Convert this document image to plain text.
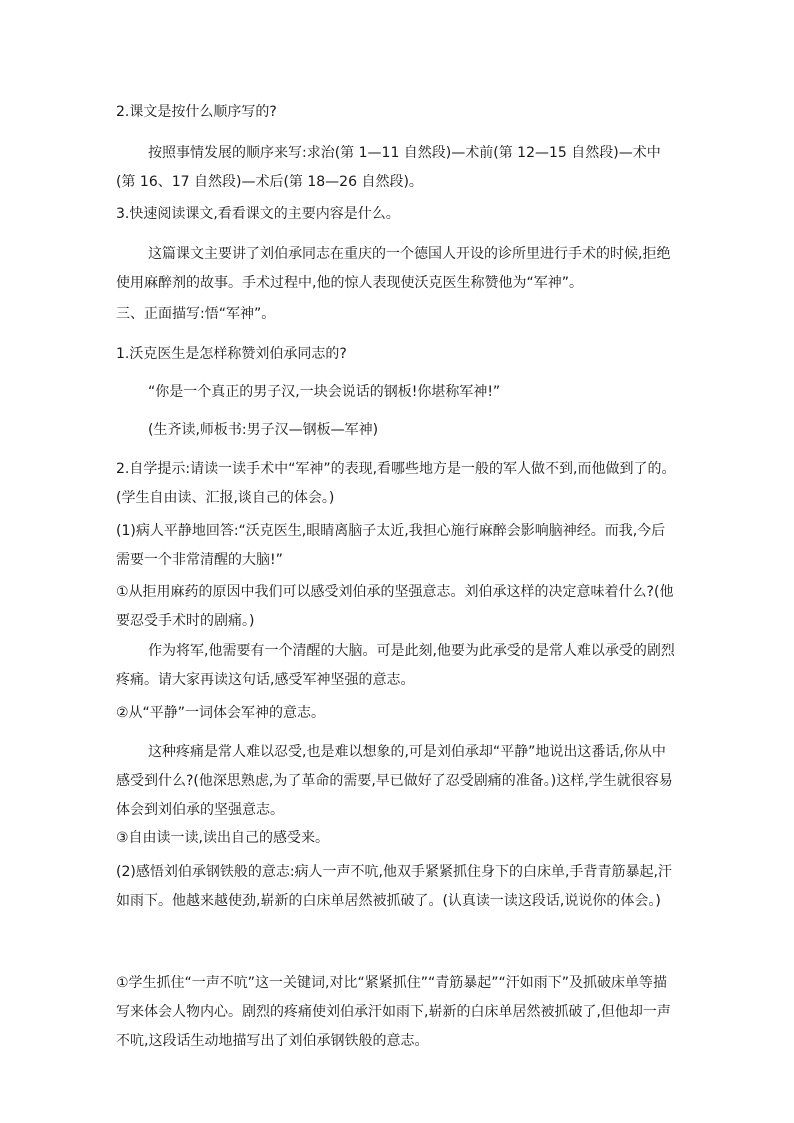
2.课文是按什么顺序写的?
按照事情发展的顺序来写:求治(第 1—11 自然段)—术前(第 12—15 自然段)—术中(第 16、17 自然段)—术后(第 18—26 自然段)。
3.快速阅读课文,看看课文的主要内容是什么。
这篇课文主要讲了刘伯承同志在重庆的一个德国人开设的诊所里进行手术的时候,拒绝使用麻醉剂的故事。手术过程中,他的惊人表现使沃克医生称赞他为“军神”。
三、正面描写:悟“军神”。
1.沃克医生是怎样称赞刘伯承同志的?
“你是一个真正的男子汉,一块会说话的钢板!你堪称军神!”
(生齐读,师板书:男子汉—钢板—军神)
2.自学提示:请读一读手术中“军神”的表现,看哪些地方是一般的军人做不到,而他做到了的。(学生自由读、汇报,谈自己的体会。)
(1)病人平静地回答:“沃克医生,眼睛离脑子太近,我担心施行麻醉会影响脑神经。而我,今后需要一个非常清醒的大脑!”
①从拒用麻药的原因中我们可以感受刘伯承的坚强意志。刘伯承这样的决定意味着什么?(他要忍受手术时的剧痛。)
作为将军,他需要有一个清醒的大脑。可是此刻,他要为此承受的是常人难以承受的剧烈疼痛。请大家再读这句话,感受军神坚强的意志。
②从“平静”一词体会军神的意志。
这种疼痛是常人难以忍受,也是难以想象的,可是刘伯承却“平静”地说出这番话,你从中感受到什么?(他深思熟虑,为了革命的需要,早已做好了忍受剧痛的准备。)这样,学生就很容易体会到刘伯承的坚强意志。
③自由读一读,读出自己的感受来。
(2)感悟刘伯承钢铁般的意志:病人一声不吭,他双手紧紧抓住身下的白床单,手背青筋暴起,汗如雨下。他越来越使劲,崭新的白床单居然被抓破了。(认真读一读这段话,说说你的体会。)
①学生抓住“一声不吭”这一关键词,对比“紧紧抓住”“青筋暴起”“汗如雨下”及抓破床单等描写来体会人物内心。剧烈的疼痛使刘伯承汗如雨下,崭新的白床单居然被抓破了,但他却一声不吭,这段话生动地描写出了刘伯承钢铁般的意志。
